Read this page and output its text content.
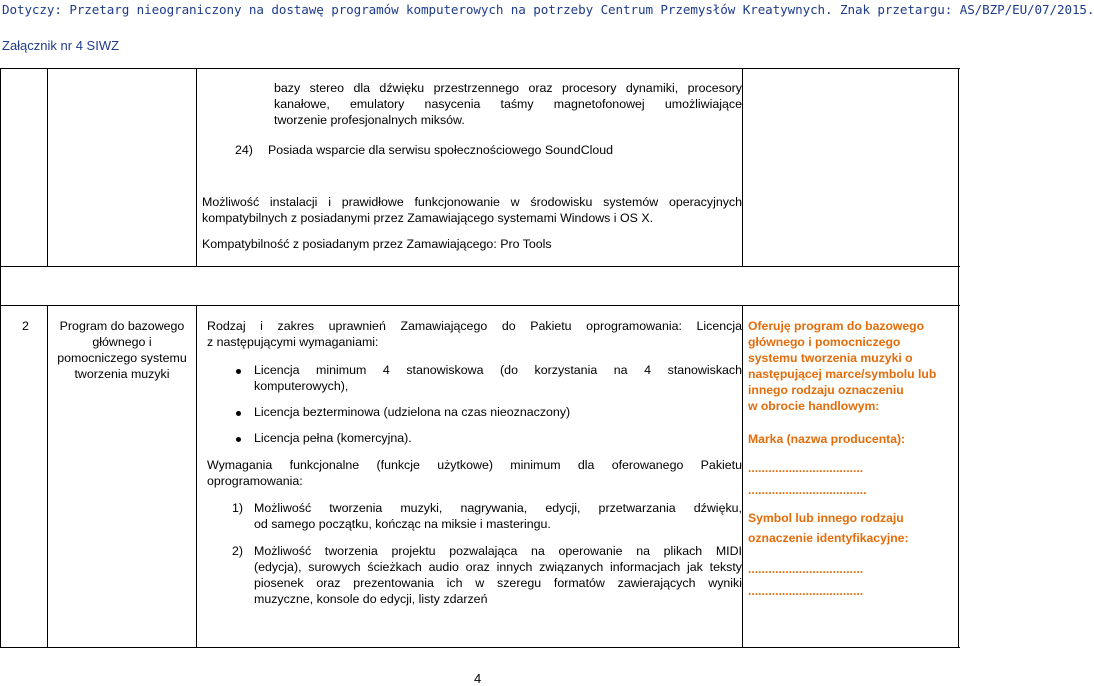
Dotyczy: Przetarg nieograniczony na dostawę programów komputerowych na potrzeby Centrum Przemysłów Kreatywnych. Znak przetargu: AS/BZP/EU/07/2015.
Załącznik nr 4 SIWZ
bazy stereo dla dźwięku przestrzennego oraz procesory dynamiki, procesory
kanałowe, emulatory nasycenia taśmy magnetofonowej umożliwiające
tworzenie profesjonalnych miksów.
24) Posiada wsparcie dla serwisu społecznościowego SoundCloud
Możliwość instalacji i prawidłowe funkcjonowanie w środowisku systemów operacyjnych
kompatybilnych z posiadanymi przez Zamawiającego systemami Windows i OS X.
Kompatybilność z posiadanym przez Zamawiającego: Pro Tools
2	Program do bazowego
głównego i
pomocniczego systemu
tworzenia muzyki
Rodzaj i zakres uprawnień Zamawiającego do Pakietu oprogramowania: Licencja
z następującymi wymaganiami:
Licencja minimum 4 stanowiskowa (do korzystania na 4 stanowiskach
komputerowych),
Licencja bezterminowa (udzielona na czas nieoznaczony)
Licencja pełna (komercyjna).
Wymagania funkcjonalne (funkcje użytkowe) minimum dla oferowanego Pakietu
oprogramowania:
1) Możliwość tworzenia muzyki, nagrywania, edycji, przetwarzania dźwięku,
od samego początku, kończąc na miksie i masteringu.
2) Możliwość tworzenia projektu pozwalająca na operowanie na plikach MIDI
(edycja), surowych ścieżkach audio oraz innych związanych informacjach jak teksty
piosenek oraz prezentowania ich w szeregu formatów zawierających wyniki
muzyczne, konsole do edycji, listy zdarzeń
Oferuję program do bazowego
głównego i pomocniczego
systemu tworzenia muzyki o
następującej marce/symbolu lub
innego rodzaju oznaczeniu
w obrocie handlowym:
Marka (nazwa producenta):
..................................
...................................
Symbol lub innego rodzaju
oznaczenie identyfikacyjne:
..................................
..................................
4
